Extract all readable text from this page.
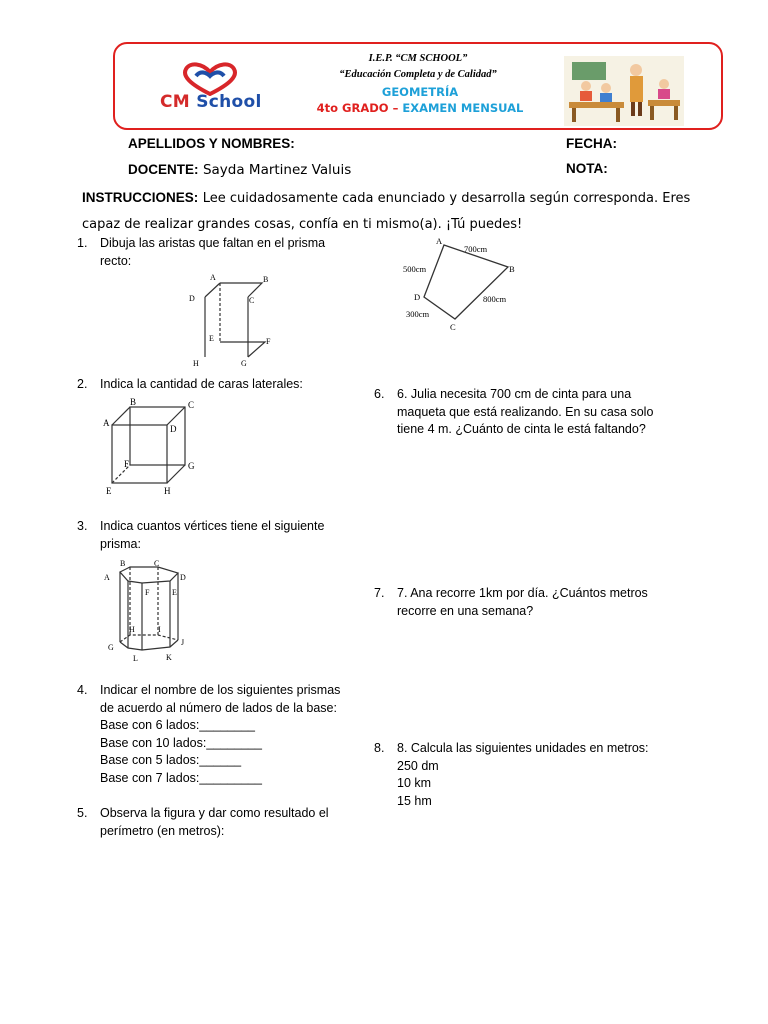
CM School
I.E.P. “CM SCHOOL”
“Educación Completa y de Calidad”
GEOMETRÍA
4to GRADO – EXAMEN MENSUAL
APELLIDOS Y NOMBRES:	FECHA:
DOCENTE: Sayda Martinez Valuis	NOTA:
INSTRUCCIONES: Lee cuidadosamente cada enunciado y desarrolla según corresponda. Eres
capaz de realizar grandes cosas, confía en ti mismo(a). ¡Tú puedes!
1. Dibuja las aristas que faltan en el prisma
recto:
A	B
D	C
E	F
H	G
2. Indica la cantidad de caras laterales:
B	C
A
D
F	G
E	H
3. Indica cuantos vértices tiene el siguiente
prisma:
B	C
A	D
F	E
H	I
G
J
L	K
4. Indicar el nombre de los siguientes prismas
de acuerdo al número de lados de la base:
Base con 6 lados:________
Base con 10 lados:________
Base con 5 lados:______
Base con 7 lados:_________
5. Observa la figura y dar como resultado el
perímetro (en metros):
A
B
C
D
700cm
500cm
800cm
300cm
6. 6. Julia necesita 700 cm de cinta para una
maqueta que está realizando. En su casa solo
tiene 4 m. ¿Cuánto de cinta le está faltando?
7. 7. Ana recorre 1km por día. ¿Cuántos metros
recorre en una semana?
8. 8. Calcula las siguientes unidades en metros:
250 dm
10 km
15 hm
